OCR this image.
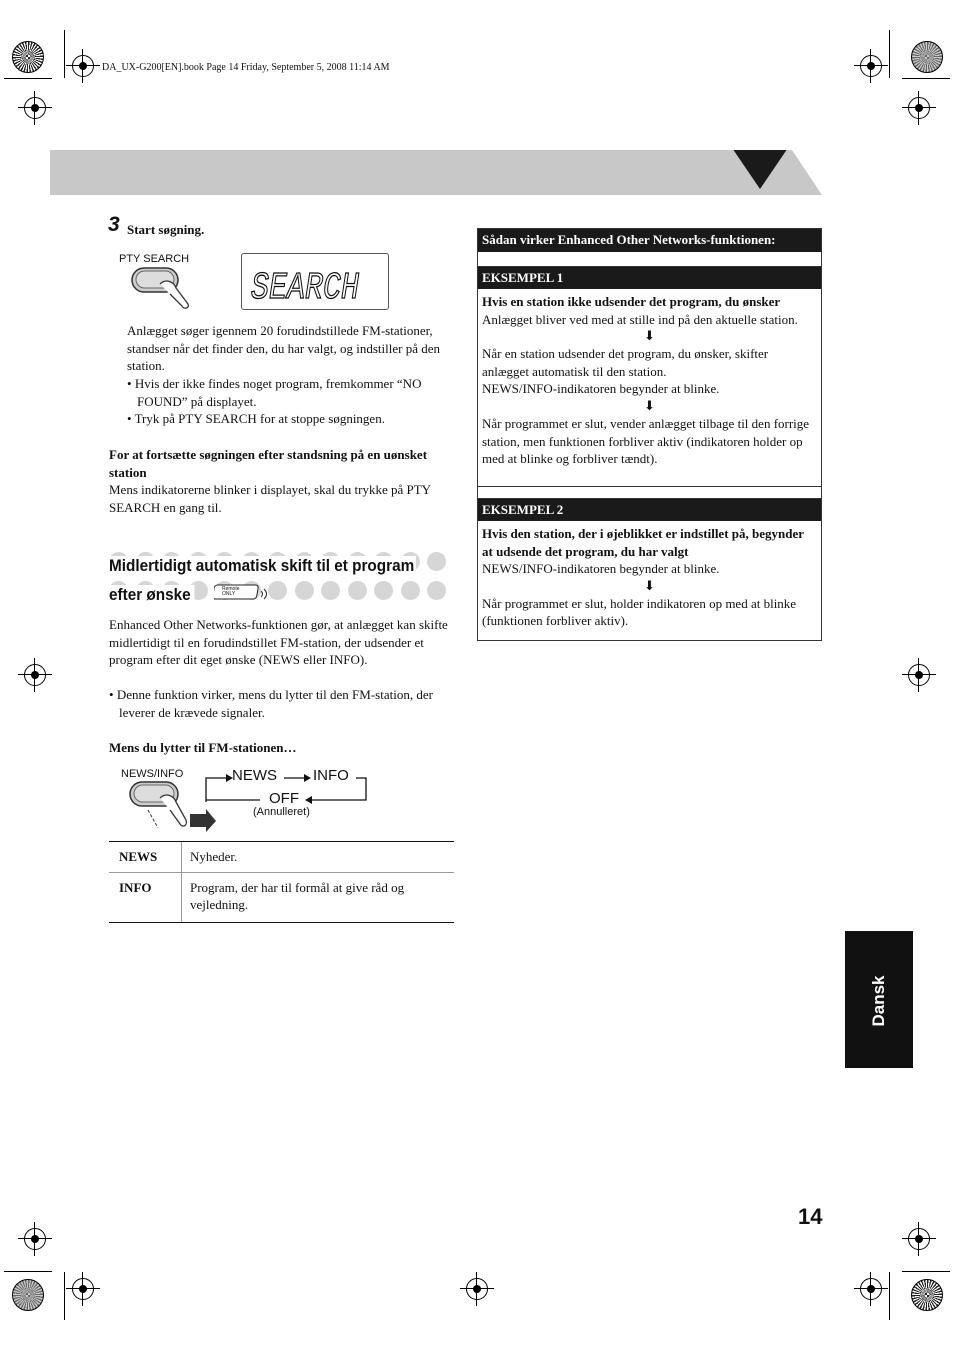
DA_UX-G200[EN].book Page 14 Friday, September 5, 2008 11:14 AM
3 Start søgning.
PTY SEARCH
SEARCH
Anlægget søger igennem 20 forudindstillede FM-stationer, standser når det finder den, du har valgt, og indstiller på den station.
• Hvis der ikke findes noget program, fremkommer “NO FOUND” på displayet.
• Tryk på PTY SEARCH for at stoppe søgningen.
For at fortsætte søgningen efter standsning på en uønsket station
Mens indikatorerne blinker i displayet, skal du trykke på PTY SEARCH en gang til.
Midlertidigt automatisk skift til et program
efter ønske	Remote ONLY
Enhanced Other Networks-funktionen gør, at anlægget kan skifte midlertidigt til en forudindstillet FM-station, der udsender et program efter dit eget ønske (NEWS eller INFO).
• Denne funktion virker, mens du lytter til den FM-station, der leverer de krævede signaler.
Mens du lytter til FM-stationen…
NEWS/INFO	NEWS INFO
OFF
(Annulleret)
NEWS	Nyheder.
INFO	Program, der har til formål at give råd og vejledning.
Sådan virker Enhanced Other Networks-funktionen:
EKSEMPEL 1
Hvis en station ikke udsender det program, du ønsker
Anlægget bliver ved med at stille ind på den aktuelle station.
⬇
Når en station udsender det program, du ønsker, skifter anlægget automatisk til den station.
NEWS/INFO-indikatoren begynder at blinke.
⬇
Når programmet er slut, vender anlægget tilbage til den forrige station, men funktionen forbliver aktiv (indikatoren holder op med at blinke og forbliver tændt).
EKSEMPEL 2
Hvis den station, der i øjeblikket er indstillet på, begynder at udsende det program, du har valgt
NEWS/INFO-indikatoren begynder at blinke.
⬇
Når programmet er slut, holder indikatoren op med at blinke (funktionen forbliver aktiv).
Dansk
14
